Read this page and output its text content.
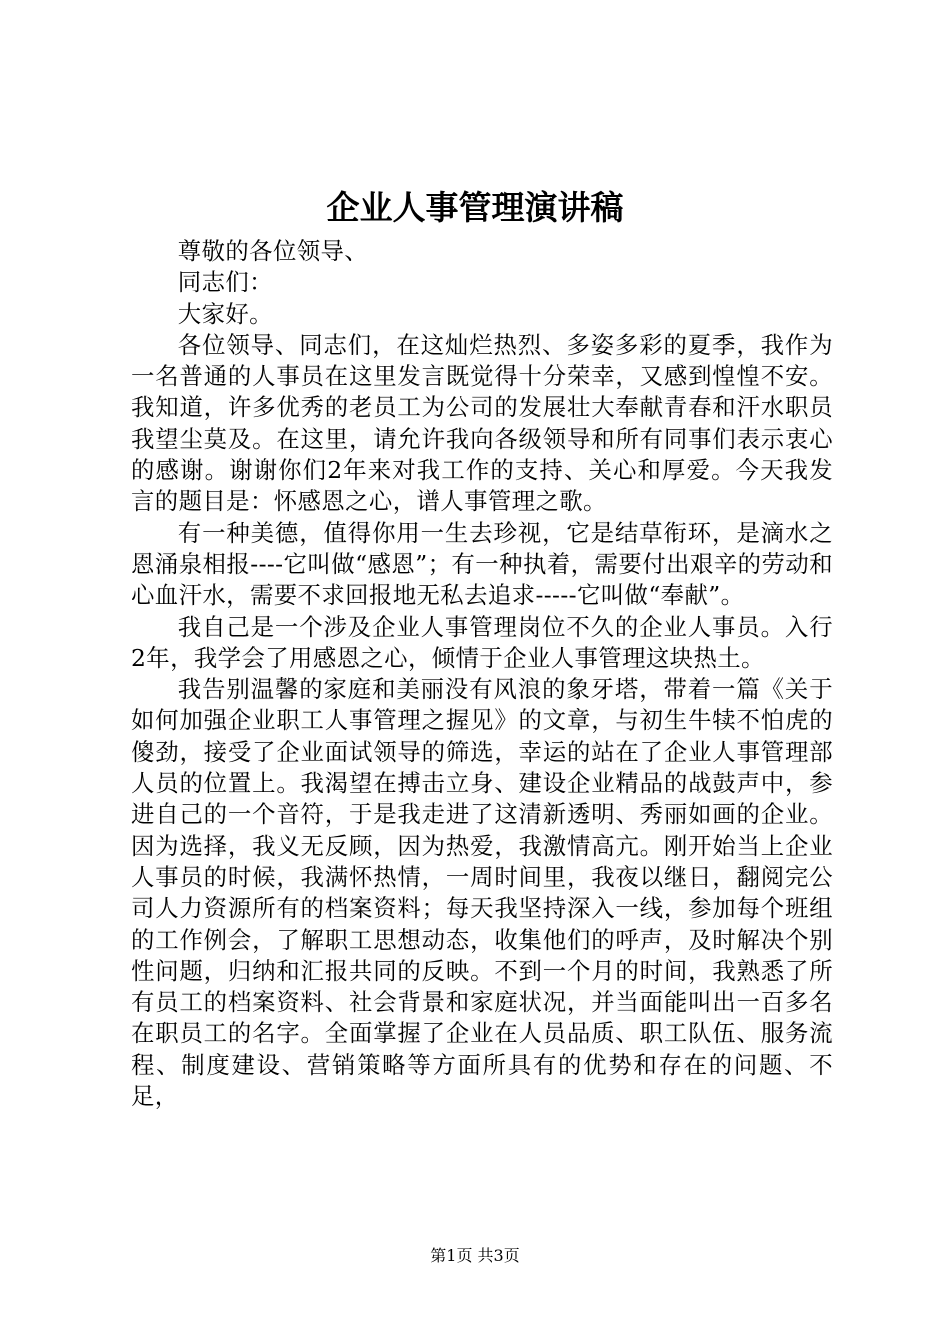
企业人事管理演讲稿

尊敬的各位领导、

同志们：

大家好。

各位领导、同志们，在这灿烂热烈、多姿多彩的夏季，我作为一名普通的人事员在这里发言既觉得十分荣幸，又感到惶惶不安。我知道，许多优秀的老员工为公司的发展壮大奉献青春和汗水职员我望尘莫及。在这里，请允许我向各级领导和所有同事们表示衷心的感谢。谢谢你们2年来对我工作的支持、关心和厚爱。今天我发言的题目是：怀感恩之心，谱人事管理之歌。

有一种美德，值得你用一生去珍视，它是结草衔环，是滴水之恩涌泉相报----它叫做“感恩”；有一种执着，需要付出艰辛的劳动和心血汗水，需要不求回报地无私去追求-----它叫做“奉献”。

我自己是一个涉及企业人事管理岗位不久的企业人事员。入行2年，我学会了用感恩之心，倾情于企业人事管理这块热土。

我告别温馨的家庭和美丽没有风浪的象牙塔，带着一篇《关于如何加强企业职工人事管理之握见》的文章，与初生牛犊不怕虎的傻劲，接受了企业面试领导的筛选，幸运的站在了企业人事管理部人员的位置上。我渴望在搏击立身、建设企业精品的战鼓声中，参进自己的一个音符，于是我走进了这清新透明、秀丽如画的企业。因为选择，我义无反顾，因为热爱，我激情高亢。刚开始当上企业人事员的时候，我满怀热情，一周时间里，我夜以继日，翻阅完公司人力资源所有的档案资料；每天我坚持深入一线，参加每个班组的工作例会，了解职工思想动态，收集他们的呼声，及时解决个别性问题，归纳和汇报共同的反映。不到一个月的时间，我熟悉了所有员工的档案资料、社会背景和家庭状况，并当面能叫出一百多名在职员工的名字。全面掌握了企业在人员品质、职工队伍、服务流程、制度建设、营销策略等方面所具有的优势和存在的问题、不足，

第1页 共3页
